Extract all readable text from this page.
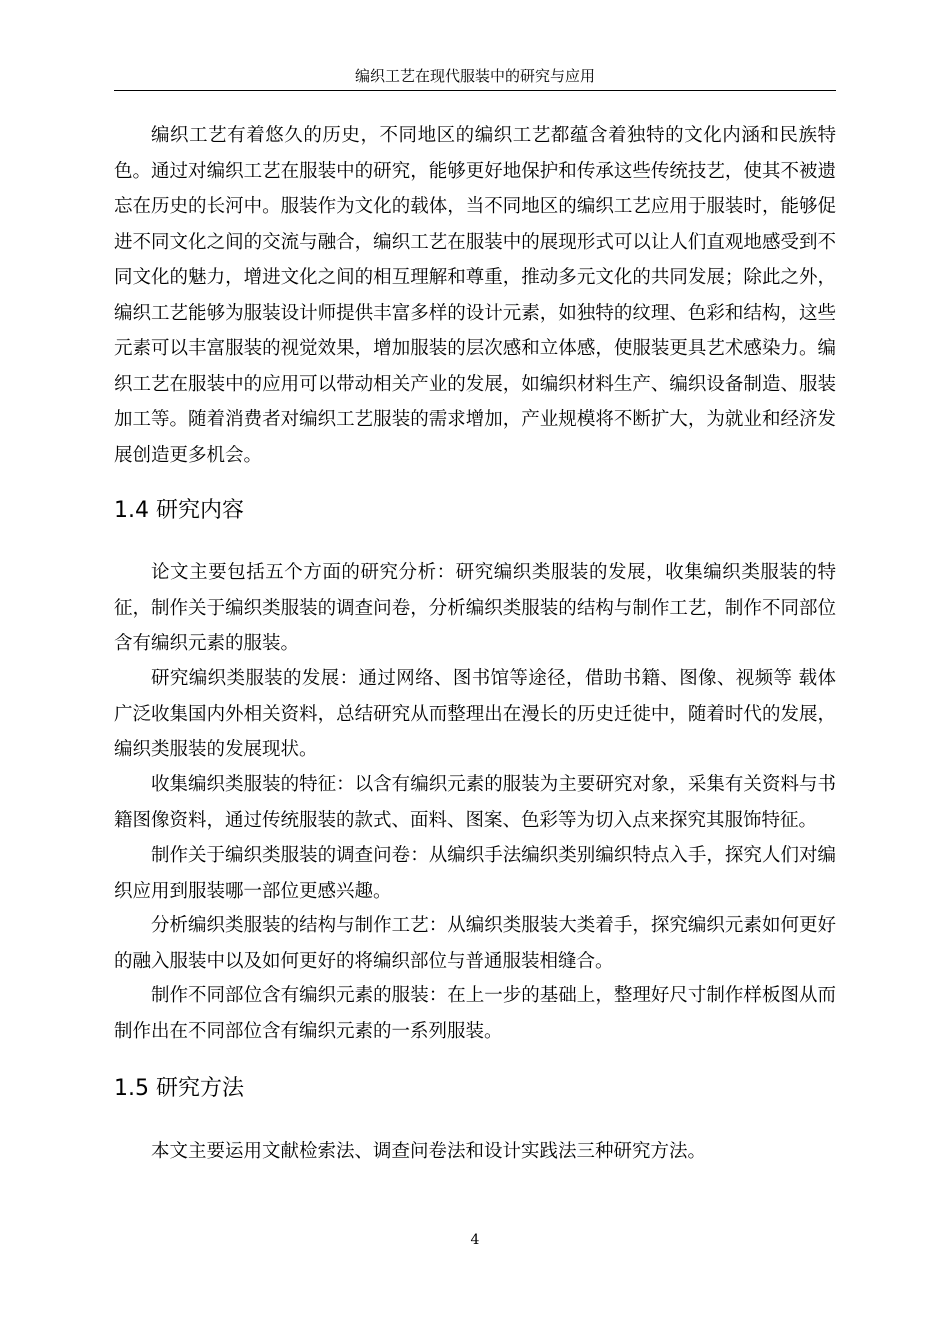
编织工艺在现代服装中的研究与应用

编织工艺有着悠久的历史，不同地区的编织工艺都蕴含着独特的文化内涵和民族特色。通过对编织工艺在服装中的研究，能够更好地保护和传承这些传统技艺，使其不被遗忘在历史的长河中。服装作为文化的载体，当不同地区的编织工艺应用于服装时，能够促进不同文化之间的交流与融合，编织工艺在服装中的展现形式可以让人们直观地感受到不同文化的魅力，增进文化之间的相互理解和尊重，推动多元文化的共同发展；除此之外，编织工艺能够为服装设计师提供丰富多样的设计元素，如独特的纹理、色彩和结构，这些元素可以丰富服装的视觉效果，增加服装的层次感和立体感，使服装更具艺术感染力。编织工艺在服装中的应用可以带动相关产业的发展，如编织材料生产、编织设备制造、服装加工等。随着消费者对编织工艺服装的需求增加，产业规模将不断扩大，为就业和经济发展创造更多机会。

1.4 研究内容

论文主要包括五个方面的研究分析：研究编织类服装的发展，收集编织类服装的特征，制作关于编织类服装的调查问卷，分析编织类服装的结构与制作工艺，制作不同部位含有编织元素的服装。

研究编织类服装的发展：通过网络、图书馆等途径，借助书籍、图像、视频等 载体广泛收集国内外相关资料，总结研究从而整理出在漫长的历史迁徙中，随着时代的发展，编织类服装的发展现状。

收集编织类服装的特征：以含有编织元素的服装为主要研究对象，采集有关资料与书籍图像资料，通过传统服装的款式、面料、图案、色彩等为切入点来探究其服饰特征。

制作关于编织类服装的调查问卷：从编织手法编织类别编织特点入手，探究人们对编织应用到服装哪一部位更感兴趣。

分析编织类服装的结构与制作工艺：从编织类服装大类着手，探究编织元素如何更好的融入服装中以及如何更好的将编织部位与普通服装相缝合。

制作不同部位含有编织元素的服装：在上一步的基础上，整理好尺寸制作样板图从而制作出在不同部位含有编织元素的一系列服装。

1.5 研究方法

本文主要运用文献检索法、调查问卷法和设计实践法三种研究方法。

4
